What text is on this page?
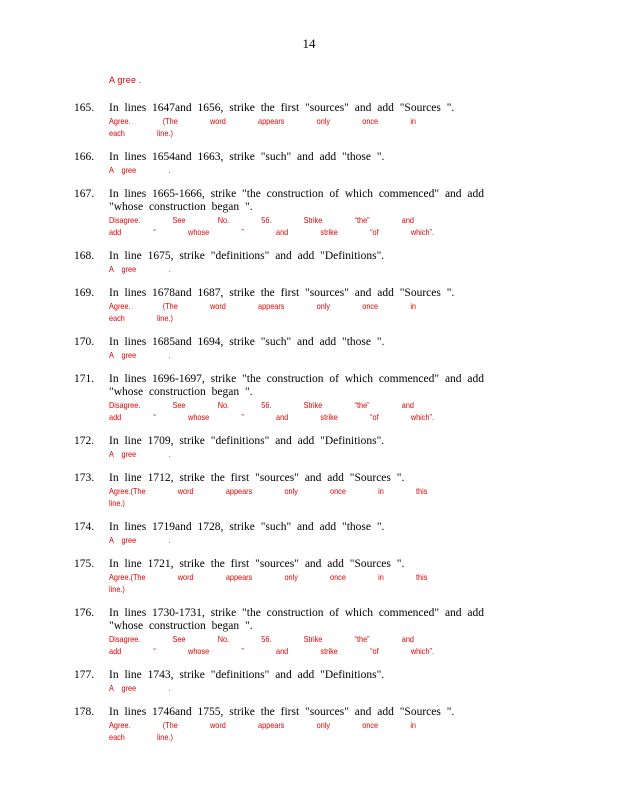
14
A gree .
165. In lines 1647and 1656, strike the first "sources" and add "Sources ".
Agree.    (The    word    appears    only    once    in    each    line.)
166. In lines 1654and 1663, strike "such" and add "those ".
A gree    .
167. In lines 1665-1666, strike "the construction of which commenced" and add "whose construction began ".
Disagree.    See    No.    56.    Strike    “the”    and    add    “    whose    ”    and    strike    “of    which”.
168. In line 1675, strike "definitions" and add "Definitions".
A gree    .
169. In lines 1678and 1687, strike the first "sources" and add "Sources ".
Agree.    (The    word    appears    only    once    in    each    line.)
170. In lines 1685and 1694, strike "such" and add "those ".
A gree    .
171. In lines 1696-1697, strike "the construction of which commenced" and add "whose construction began ".
Disagree.    See    No.    56.    Strike    “the”    and    add    “    whose    ”    and    strike    “of    which”.
172. In line 1709, strike "definitions" and add "Definitions".
A gree    .
173. In line 1712, strike the first "sources" and add "Sources ".
Agree.(The    word    appears    only    once    in    this    line.)
174. In lines 1719and 1728, strike "such" and add "those ".
A gree    .
175. In line 1721, strike the first "sources" and add "Sources ".
Agree.(The    word    appears    only    once    in    this    line.)
176. In lines 1730-1731, strike "the construction of which commenced" and add "whose construction began ".
Disagree.    See    No.    56.    Strike    “the”    and    add    “    whose    ”    and    strike    “of    which”.
177. In line 1743, strike "definitions" and add "Definitions".
A gree    .
178. In lines 1746and 1755, strike the first "sources" and add "Sources ".
Agree.    (The    word    appears    only    once    in    each    line.)
